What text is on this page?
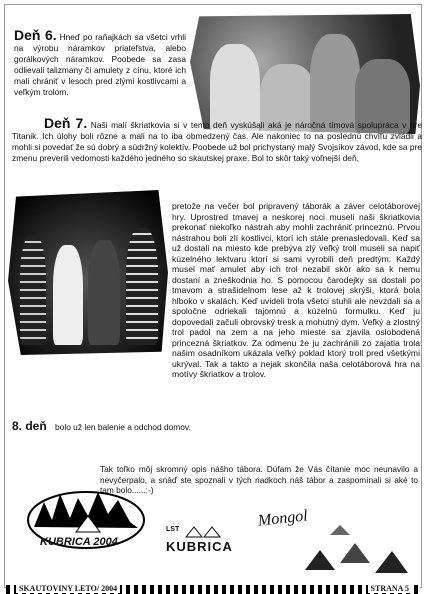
Deň 6. Hneď po raňajkách sa všetci vrhli na výrobu náramkov priateľstva, alebo gorálkových náramkov. Poobede sa zasa odlievali talizmany či amulety z cínu, ktoré ich mali chrániť v lesoch pred zlými kostlivcami a veľkým trolom.
Deň 7. Naši malí škriatkovia si v tento deň vyskúšali aká je náročná tímová spolupráca v hre Titanik. Ich úlohy boli rôzne a mali na to iba obmedzený čas. Ale nakoniec to na poslednú chvíľu zvládli a mohli si povedať že sú dobrý a súdržný kolektív. Poobede už bol prichystaný malý Svojsíkov závod, kde sa pre zmenu preverili vedomosti každého jedného so skautskej praxe. Bol to skôr taký voľnejší deň,
pretože na večer bol pripravený táborák a záver celotáborovej hry. Uprostred tmavej a neskorej noci museli naši škriatkovia prekonať niekoľko nástrah aby mohli zachrániť princeznú. Prvou nástrahou boli zlí kostlivci, ktorí ich stále prenasledovali. Keď sa už dostali na miesto kde prebýva zlý veľký troll museli sa napiť kúzelného lektvaru ktorí si sami vyrobili deň predtým. Každý musel mať amulet aby ich trol nezabil skôr ako sa k nemu dostaní a zneškodnia ho. S pomocou čarodejky sa dostali po tmavom a strašidelnom lese až k trolovej skrýši, ktorá bola hlboko v skalách. Keď uvideli trola všetci stuhli ale nevzdali sa a spoločne odriekali tajomnú a kúzelnú formulku. Keď ju dopovedali začuli obrovský tresk a mohutný dym. Veľký a zlostný trol padol na zem a na jeho mieste sa zjavila oslobodená princezná škriatkov. Za odmenu že ju zachránili zo zajatia trola našim osadníkom ukázala veľký poklad ktorý troll pred všetkými ukrýval. Tak a takto a nejak skončila naša celotáborová hra na motívy škriatkov a trolov.
8. deň bolo už len balenie a odchod domov.
Tak toľko môj skromný opis nášho tábora. Dúfam že Vás čítanie moc neunavilo a nevyčerpalo, a snáď ste spoznali v tých riadkoch náš tábor a zaspomínali si aké to tam bolo......:-)
Mongol
KUBRICA 2004
LST
KUBRICA
SKAUTOVINY LETO/ 2004	STRANA 5
